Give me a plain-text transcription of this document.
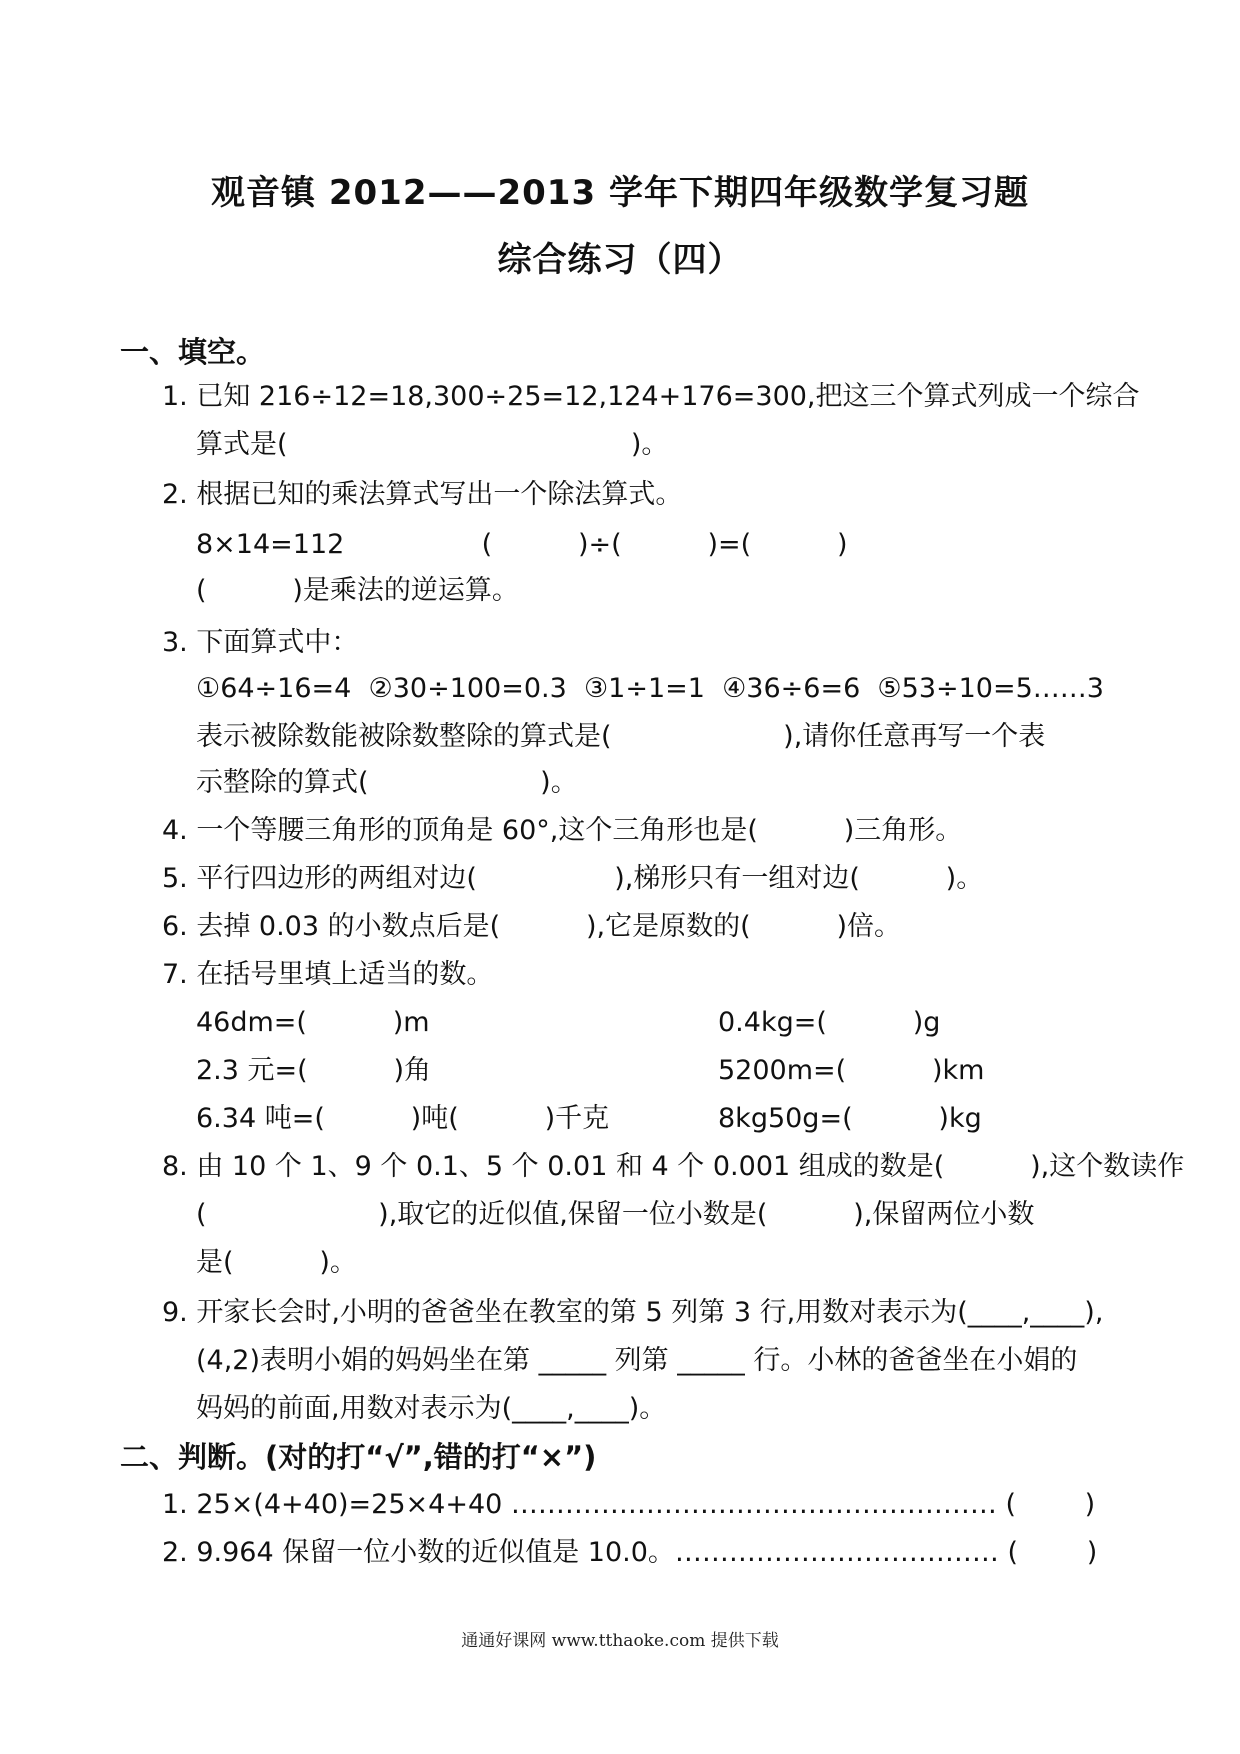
观音镇 2012——2013 学年下期四年级数学复习题
综合练习（四）
一、填空。
1. 已知 216÷12=18,300÷25=12,124+176=300,把这三个算式列成一个综合
算式是(                                        )。
2. 根据已知的乘法算式写出一个除法算式。
8×14=112                (          )÷(          )=(          )
(          )是乘法的逆运算。
3. 下面算式中：
①64÷16=4  ②30÷100=0.3  ③1÷1=1  ④36÷6=6  ⑤53÷10=5……3
表示被除数能被除数整除的算式是(                    ),请你任意再写一个表
示整除的算式(                    )。
4. 一个等腰三角形的顶角是 60°,这个三角形也是(          )三角形。
5. 平行四边形的两组对边(                ),梯形只有一组对边(          )。
6. 去掉 0.03 的小数点后是(          ),它是原数的(          )倍。
7. 在括号里填上适当的数。
46dm=(          )m	0.4kg=(          )g
2.3 元=(          )角	5200m=(          )km
6.34 吨=(          )吨(          )千克	8kg50g=(          )kg
8. 由 10 个 1、9 个 0.1、5 个 0.01 和 4 个 0.001 组成的数是(          ),这个数读作
(                    ),取它的近似值,保留一位小数是(          ),保留两位小数
是(          )。
9. 开家长会时,小明的爸爸坐在教室的第 5 列第 3 行,用数对表示为(____,____),
(4,2)表明小娟的妈妈坐在第 _____ 列第 _____ 行。小林的爸爸坐在小娟的
妈妈的前面,用数对表示为(____,____)。
二、判断。(对的打“√”,错的打“×”)
1. 25×(4+40)=25×4+40 ……………………………………………… (        )
2. 9.964 保留一位小数的近似值是 10.0。……………………………… (        )
通通好课网 www.tthaoke.com 提供下载
